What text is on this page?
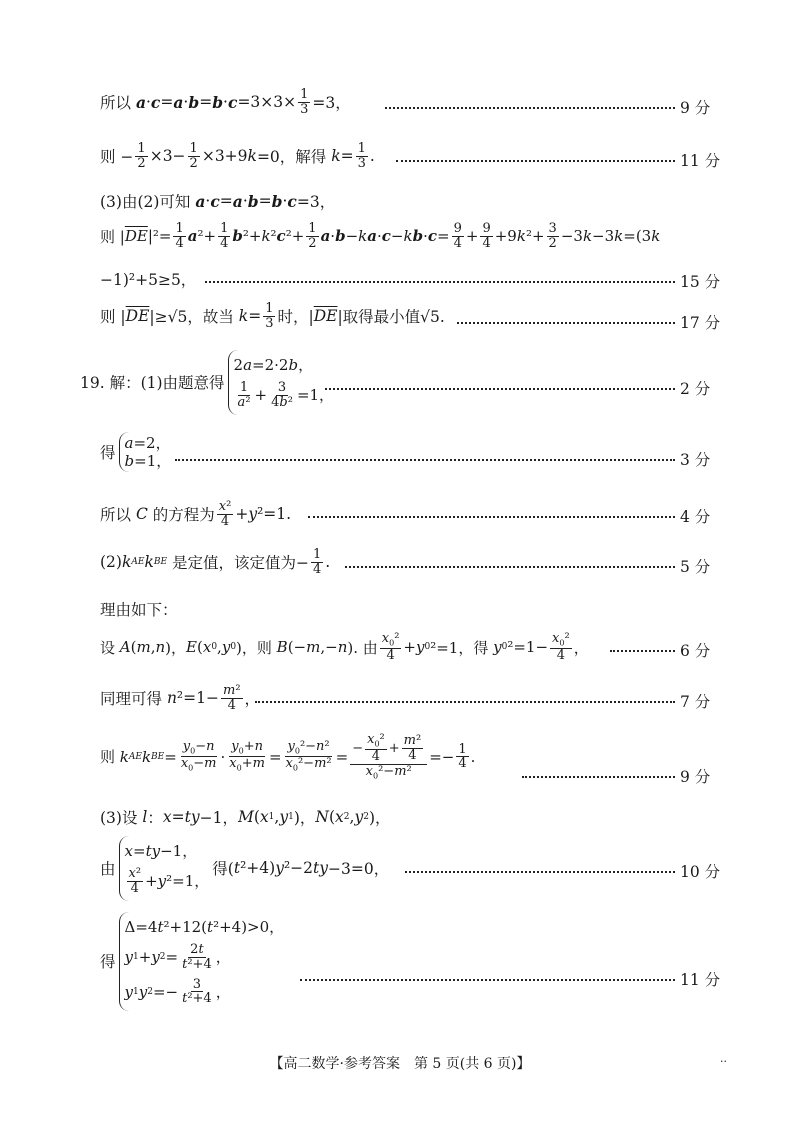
所以 $a \cdot c = a \cdot b = b \cdot c =3\times 3\times \frac{1}{3} =3$，	9 分
则 − $\frac{1}{2} \times 3- \frac{1}{2} \times 3+9$ k =0，解得 $k = \frac{1}{3}$ .	11 分
(3)由(2)可知 a · c = a · b = b · c =3，
则 | $\overline{DE}$ $|^2= \frac{1}{4}$ a $^2+ \frac{1}{4}$ b ²+ k ² c $^2+ \frac{1}{2}$ a · b − k a · c − k $b \cdot c = \frac{9}{4} + \frac{9}{4} +9$ k $^2+ \frac{3}{2} -3$ k −3 k =(3 k
−1)²+5≥5，	15 分
则 | $\overline{DE}$ |≥√5，故当 $k = \frac{1}{3}$ 时，| $\overline{DE}$ |取得最小值√5.	17 分
19. 解：(1)由题意得
2 a =2·2 b ，
$\frac{1}{\text{a²}} + \frac{3}{\text{4b²}} =1$，	2 分
得
a =2，
b =1，	3 分
所以 C 的方程为 $\frac{\text{x²}}{4} + y$ ²=1.	4 分
(2) k AE k BE 是定值，该定值为− $\frac{1}{4}$ .	5 分
理由如下：
设 A ( m , n )， E ( x 0 , y 0 )，则 B (− m ,− n ). 由 $\frac{x_0^2}{4} + y$ 0 ²=1，得 y 0 $^2=1- \frac{x_0^2}{4}$ ，	6 分
同理可得 n $^2=1- \frac{\text{m²}}{4}$ ，	7 分
则 k AE k BE = $\frac{y_0-n}{x_0-m} \cdot \frac{y_0+n}{x_0+m} = \frac{y_0^2-n^2}{x_0^2-m^2} = \frac{- \frac{x_0^2}{4} + \frac{\text{m²}}{4}}{x_0^2-m^2} =- \frac{1}{4}$ .
9 分
(3)设 l ： x = ty −1， M ( x 1 , y 1 )， N ( x 2 , y 2 )，
由
x = ty −1，
$\frac{\text{x²}}{4} + y$ ²=1，
得( t ²+4) y ²−2 ty −3=0，	10 分
得
Δ=4 t ²+12( t ²+4)>0，
y 1 + y $2 = \frac{2t}{\text{t²+4}}$ ，
y 1 y $2 =- \frac{3}{\text{t²+4}}$ ，
11 分
【高二数学·参考答案　第 5 页(共 6 页)】	··
